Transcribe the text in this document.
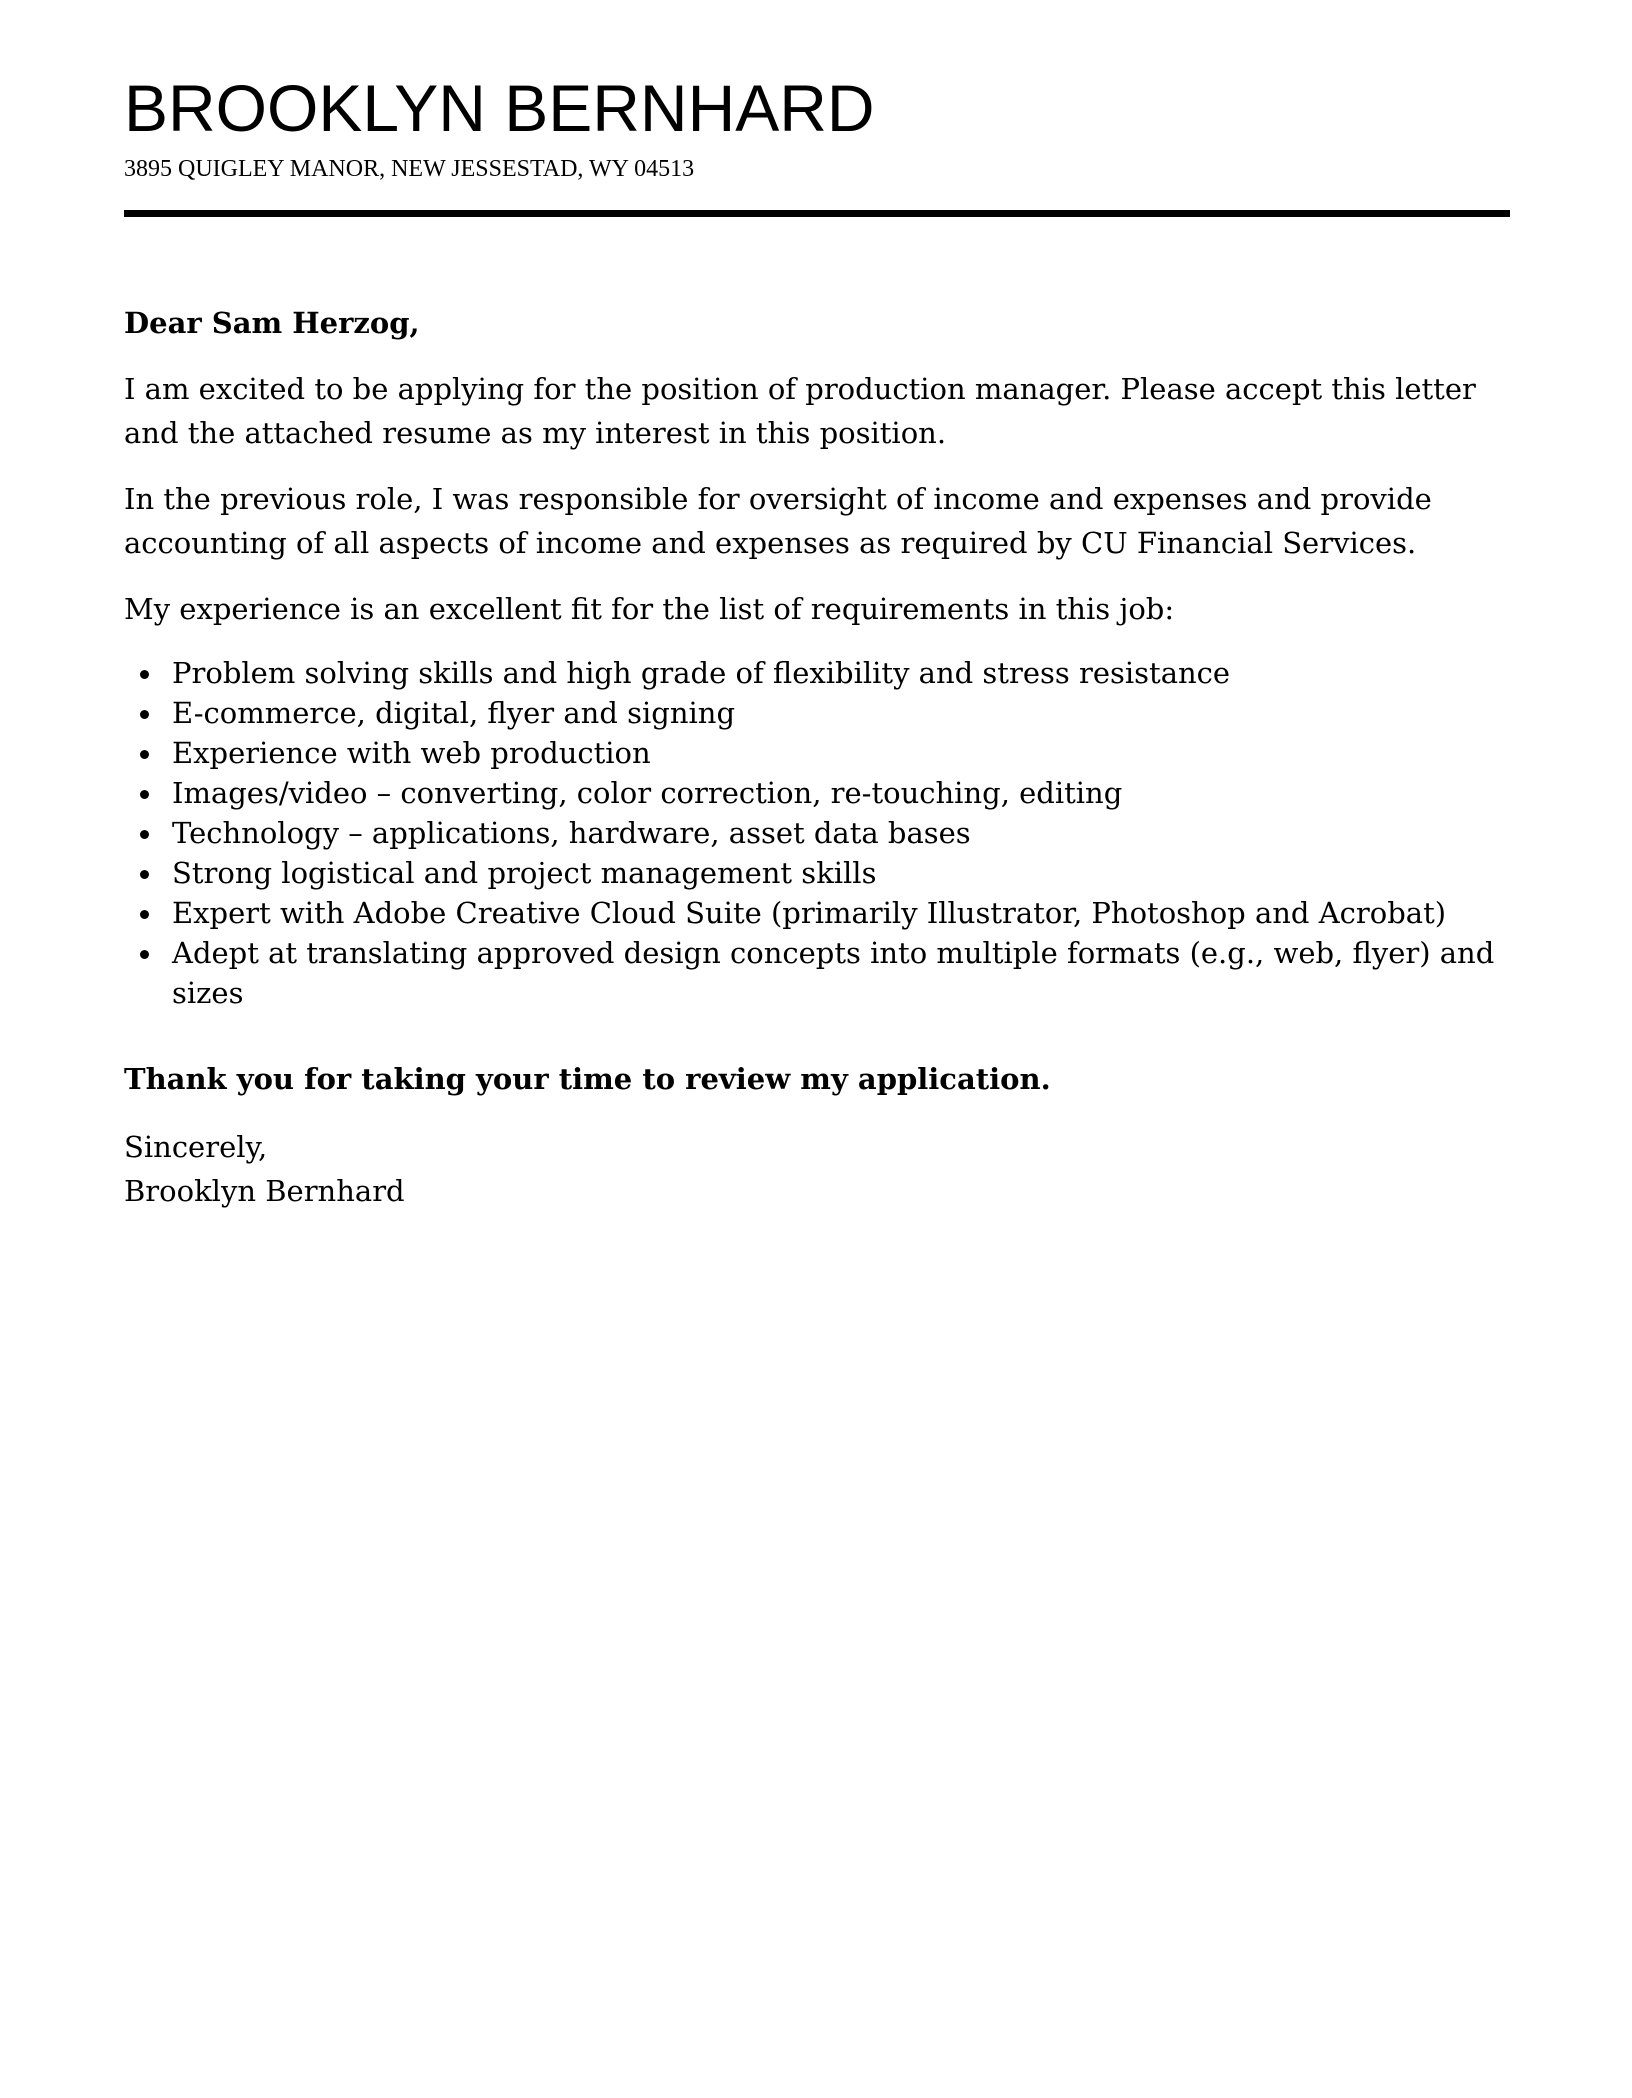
BROOKLYN BERNHARD
3895 QUIGLEY MANOR, NEW JESSESTAD, WY 04513

Dear Sam Herzog,

I am excited to be applying for the position of production manager. Please accept this letter and the attached resume as my interest in this position.

In the previous role, I was responsible for oversight of income and expenses and provide accounting of all aspects of income and expenses as required by CU Financial Services.

My experience is an excellent fit for the list of requirements in this job:

Problem solving skills and high grade of flexibility and stress resistance
E-commerce, digital, flyer and signing
Experience with web production
Images/video – converting, color correction, re-touching, editing
Technology – applications, hardware, asset data bases
Strong logistical and project management skills
Expert with Adobe Creative Cloud Suite (primarily Illustrator, Photoshop and Acrobat)
Adept at translating approved design concepts into multiple formats (e.g., web, flyer) and sizes

Thank you for taking your time to review my application.

Sincerely,
Brooklyn Bernhard
